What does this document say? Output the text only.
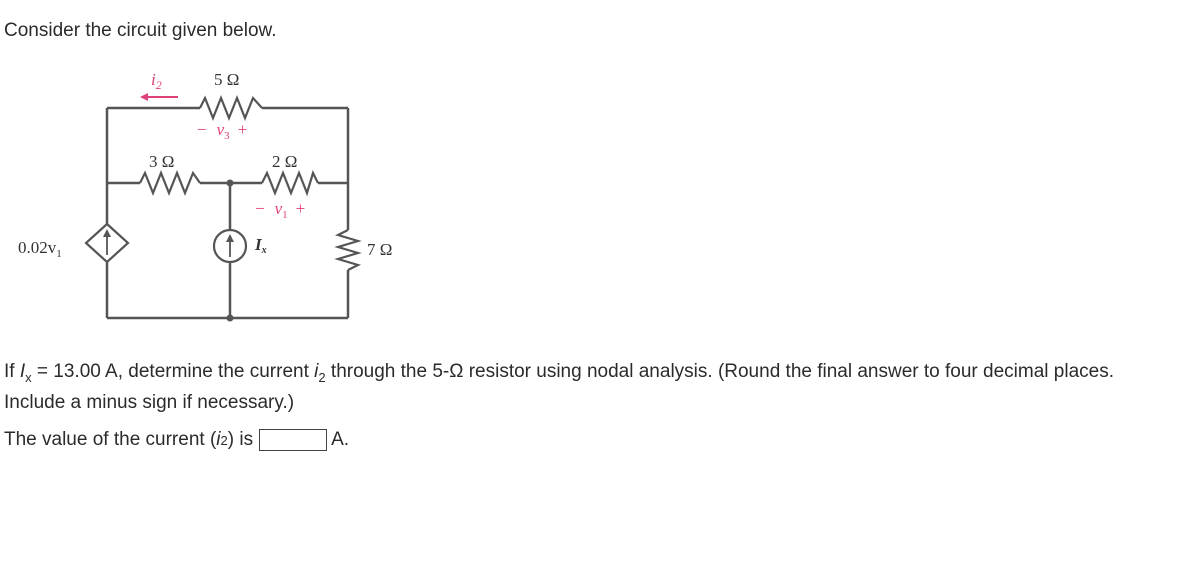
Consider the circuit given below.
$i_2$	5 Ω
− $v_3$ +
3 Ω	2 Ω
− $v_1$ +
$0.02v_1$	Ix	7 Ω
If $I_x = 13.00$ A, determine the current $i_2$ through the 5-Ω resistor using nodal analysis. (Round the final answer to four decimal places.
Include a minus sign if necessary.)
The value of the current ( i 2 ) is	A.
